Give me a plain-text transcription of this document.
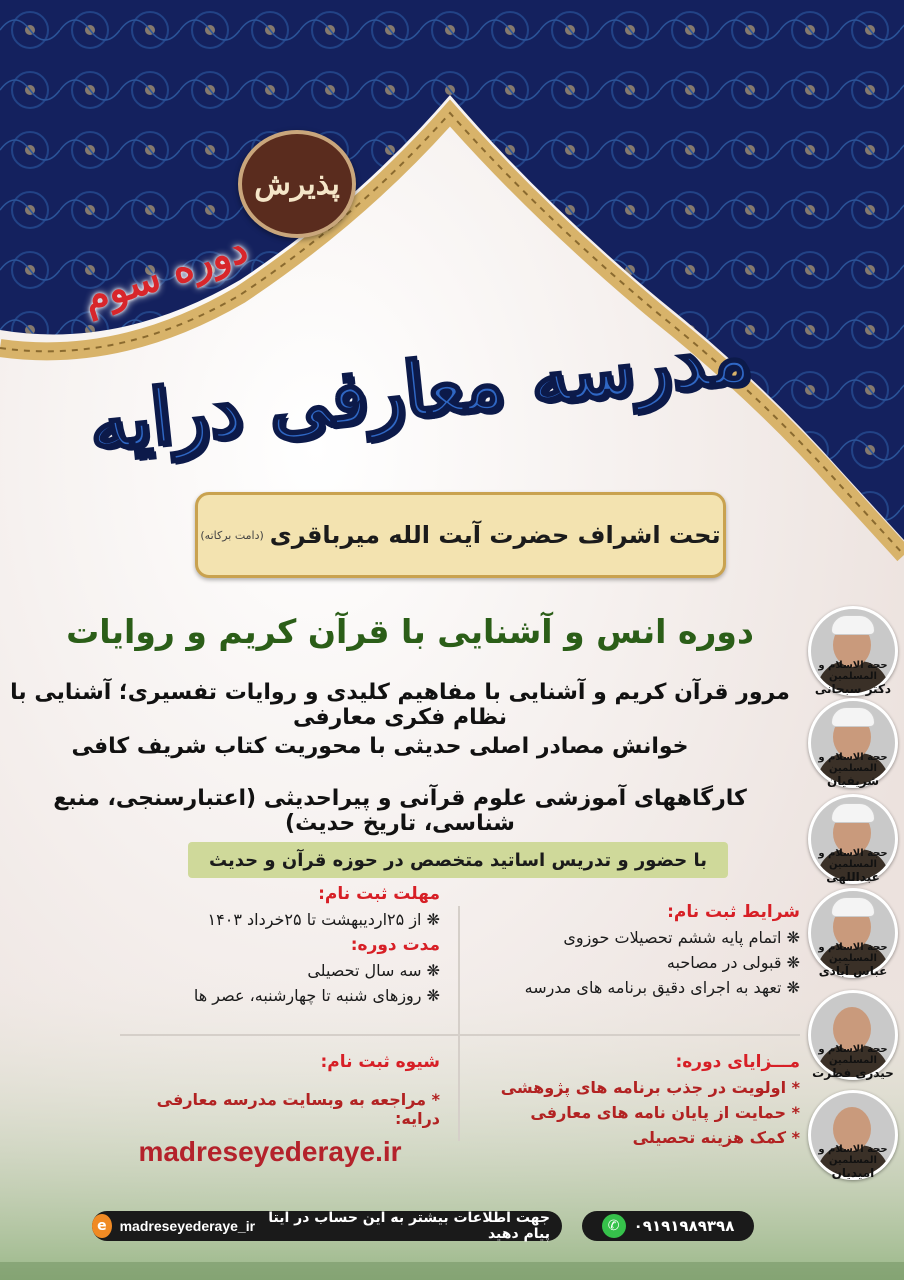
پذیرش
دوره سوم
مدرسه معارفی درایه
تحت اشراف حضرت آیت الله میرباقری
(دامت برکاته)
دوره انس و آشنایی با قرآن کریم و روایات
مرور قرآن کریم و آشنایی با مفاهیم کلیدی و روایات تفسیری؛ آشنایی با نظام فکری معارفی
خوانش مصادر اصلی حدیثی با محوریت کتاب شریف کافی
کارگاههای آموزشی علوم قرآنی و پیراحدیثی (اعتبارسنجی، منبع شناسی، تاریخ حدیث)
با حضور و تدریس اساتید متخصص در حوزه قرآن و حدیث
شرایط ثبت نام:
❋ اتمام پایه ششم تحصیلات حوزوی
❋ قبولی در مصاحبه
❋ تعهد به اجرای دقیق برنامه های مدرسه
مهلت ثبت نام:
❋ از ۲۵اردیبهشت تا ۲۵خرداد ۱۴۰۳
مدت دوره:
❋ سه سال تحصیلی
❋ روزهای شنبه تا چهارشنبه، عصر ها
مـــزایای دوره:
* اولویت در جذب برنامه های پژوهشی
* حمایت از پایان نامه های معارفی
* کمک هزینه تحصیلی
شیوه ثبت نام:
* مراجعه به وبسایت مدرسه معارفی درایه:
madreseyederaye.ir
جهت اطلاعات بیشتر به این حساب در ایتا پیام دهید
madreseyederaye_ir
e	۰۹۱۹۱۹۸۹۳۹۸
✆
حجة الاسلام و المسلمین
دکتر سبحانی
حجة الاسلام و المسلمین
شریفیان
حجة الاسلام و المسلمین
عبداللهی
حجة الاسلام و المسلمین
عباس آبادی
حجة الاسلام و المسلمین
حیدری فطرت
حجة الاسلام و المسلمین
امیدیان
